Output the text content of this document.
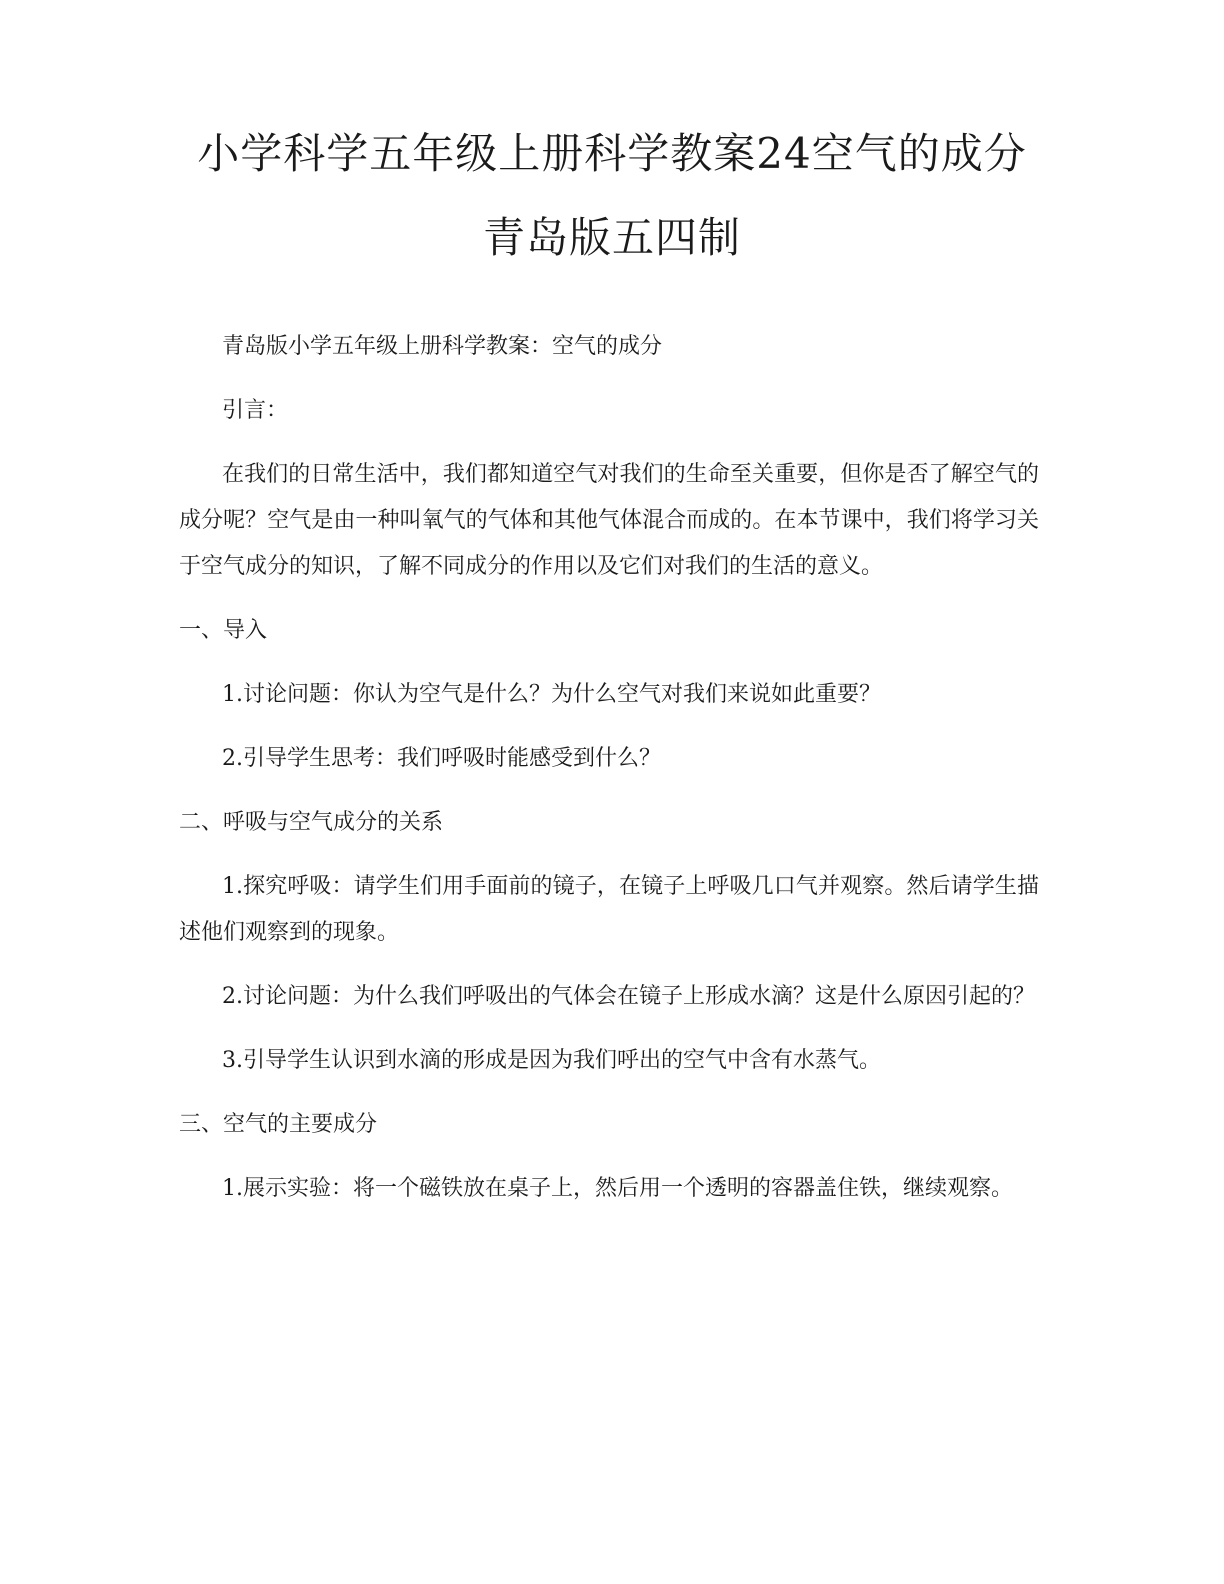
小学科学五年级上册科学教案24空气的成分
青岛版五四制

青岛版小学五年级上册科学教案：空气的成分

引言：

在我们的日常生活中，我们都知道空气对我们的生命至关重要，但你是否了解空气的成分呢？空气是由一种叫氧气的气体和其他气体混合而成的。在本节课中，我们将学习关于空气成分的知识，了解不同成分的作用以及它们对我们的生活的意义。

一、导入

1.讨论问题：你认为空气是什么？为什么空气对我们来说如此重要？

2.引导学生思考：我们呼吸时能感受到什么？

二、呼吸与空气成分的关系

1.探究呼吸：请学生们用手面前的镜子，在镜子上呼吸几口气并观察。然后请学生描述他们观察到的现象。

2.讨论问题：为什么我们呼吸出的气体会在镜子上形成水滴？这是什么原因引起的？

3.引导学生认识到水滴的形成是因为我们呼出的空气中含有水蒸气。

三、空气的主要成分

1.展示实验：将一个磁铁放在桌子上，然后用一个透明的容器盖住铁，继续观察。
